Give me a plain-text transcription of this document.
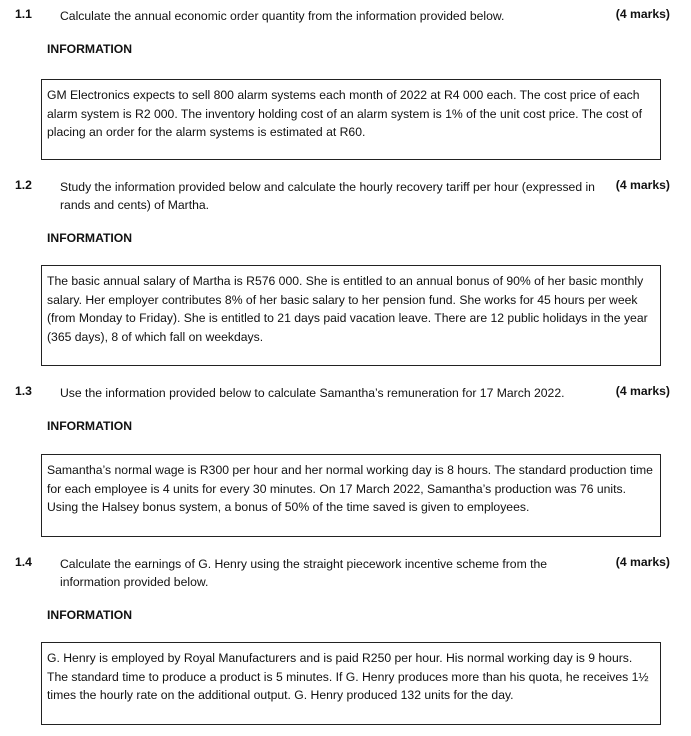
1.1 Calculate the annual economic order quantity from the information provided below.	(4 marks)
INFORMATION
GM Electronics expects to sell 800 alarm systems each month of 2022 at R4 000 each. The cost price of each alarm system is R2 000. The inventory holding cost of an alarm system is 1% of the unit cost price. The cost of placing an order for the alarm systems is estimated at R60.
1.2 Study the information provided below and calculate the hourly recovery tariff per hour (expressed in rands and cents) of Martha.
(4 marks)
INFORMATION
The basic annual salary of Martha is R576 000. She is entitled to an annual bonus of 90% of her basic monthly salary. Her employer contributes 8% of her basic salary to her pension fund. She works for 45 hours per week (from Monday to Friday). She is entitled to 21 days paid vacation leave. There are 12 public holidays in the year (365 days), 8 of which fall on weekdays.
1.3 Use the information provided below to calculate Samantha’s remuneration for 17 March 2022.	(4 marks)
INFORMATION
Samantha’s normal wage is R300 per hour and her normal working day is 8 hours. The standard production time for each employee is 4 units for every 30 minutes. On 17 March 2022, Samantha’s production was 76 units. Using the Halsey bonus system, a bonus of 50% of the time saved is given to employees.
1.4 Calculate the earnings of G. Henry using the straight piecework incentive scheme from the information provided below.
(4 marks)
INFORMATION
G. Henry is employed by Royal Manufacturers and is paid R250 per hour. His normal working day is 9 hours. The standard time to produce a product is 5 minutes. If G. Henry produces more than his quota, he receives 1½ times the hourly rate on the additional output. G. Henry produced 132 units for the day.
